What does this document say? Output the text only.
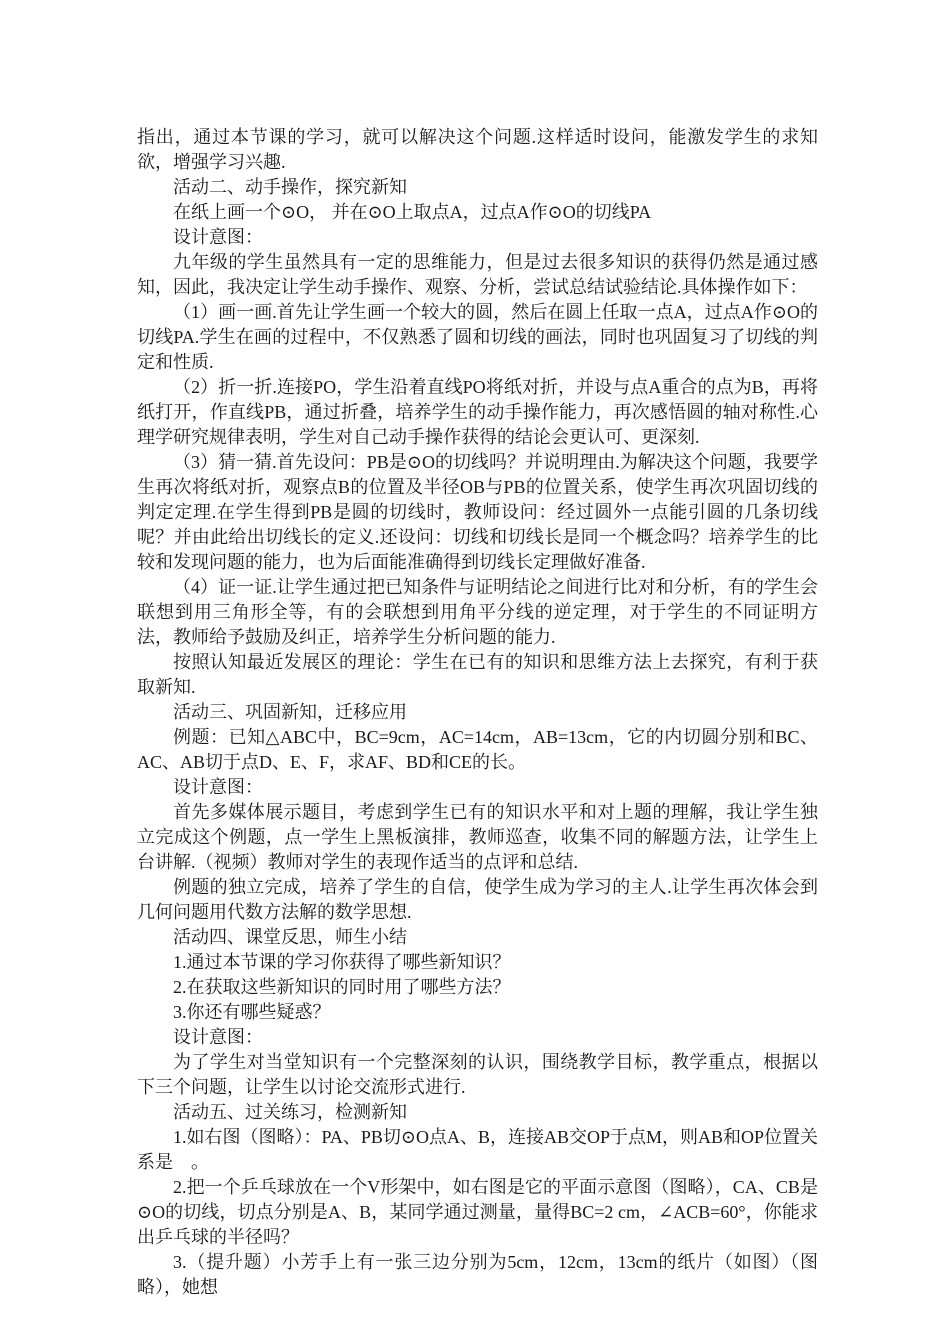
指出，通过本节课的学习，就可以解决这个问题.这样适时设问，能激发学生的求知欲，增强学习兴趣.

活动二、动手操作，探究新知

在纸上画一个⊙O， 并在⊙O上取点A，过点A作⊙O的切线PA

设计意图：

九年级的学生虽然具有一定的思维能力，但是过去很多知识的获得仍然是通过感知，因此，我决定让学生动手操作、观察、分析，尝试总结试验结论.具体操作如下：

（1）画一画.首先让学生画一个较大的圆，然后在圆上任取一点A，过点A作⊙O的切线PA.学生在画的过程中，不仅熟悉了圆和切线的画法，同时也巩固复习了切线的判定和性质.

（2）折一折.连接PO，学生沿着直线PO将纸对折，并设与点A重合的点为B，再将纸打开，作直线PB，通过折叠，培养学生的动手操作能力，再次感悟圆的轴对称性.心理学研究规律表明，学生对自己动手操作获得的结论会更认可、更深刻.

（3）猜一猜.首先设问：PB是⊙O的切线吗？并说明理由.为解决这个问题，我要学生再次将纸对折，观察点B的位置及半径OB与PB的位置关系，使学生再次巩固切线的判定定理.在学生得到PB是圆的切线时，教师设问：经过圆外一点能引圆的几条切线呢？并由此给出切线长的定义.还设问：切线和切线长是同一个概念吗？培养学生的比较和发现问题的能力，也为后面能准确得到切线长定理做好准备.

（4）证一证.让学生通过把已知条件与证明结论之间进行比对和分析，有的学生会联想到用三角形全等，有的会联想到用角平分线的逆定理，对于学生的不同证明方法，教师给予鼓励及纠正，培养学生分析问题的能力.

按照认知最近发展区的理论：学生在已有的知识和思维方法上去探究，有利于获取新知.

活动三、巩固新知，迁移应用

例题：已知△ABC中，BC=9cm，AC=14cm，AB=13cm，它的内切圆分别和BC、AC、AB切于点D、E、F，求AF、BD和CE的长。

设计意图：

首先多媒体展示题目，考虑到学生已有的知识水平和对上题的理解，我让学生独立完成这个例题，点一学生上黑板演排，教师巡查，收集不同的解题方法，让学生上台讲解.（视频）教师对学生的表现作适当的点评和总结.

例题的独立完成，培养了学生的自信，使学生成为学习的主人.让学生再次体会到几何问题用代数方法解的数学思想.

活动四、课堂反思，师生小结

1.通过本节课的学习你获得了哪些新知识？

2.在获取这些新知识的同时用了哪些方法？

3.你还有哪些疑惑？

设计意图：

为了学生对当堂知识有一个完整深刻的认识，围绕教学目标，教学重点，根据以下三个问题，让学生以讨论交流形式进行.

活动五、过关练习，检测新知

1.如右图（图略）：PA、PB切⊙O点A、B，连接AB交OP于点M，则AB和OP位置关系是　。

2.把一个乒乓球放在一个V形架中，如右图是它的平面示意图（图略），CA、CB是⊙O的切线，切点分别是A、B，某同学通过测量，量得BC=2 cm，∠ACB=60°，你能求出乒乓球的半径吗？

3.（提升题）小芳手上有一张三边分别为5cm，12cm，13cm的纸片（如图）（图略），她想
